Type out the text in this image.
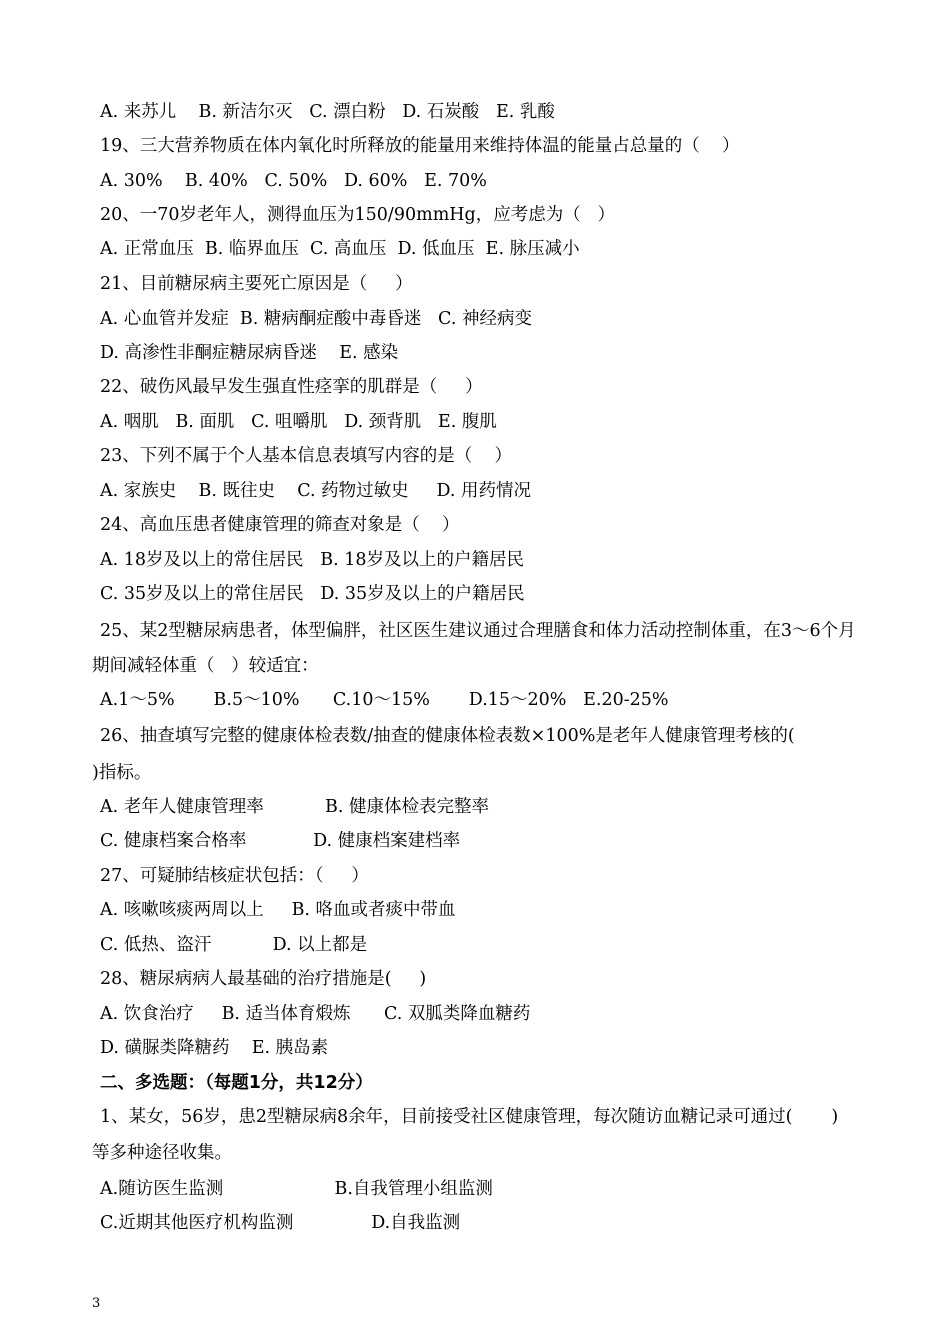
A. 来苏儿    B. 新洁尔灭   C. 漂白粉   D. 石炭酸   E. 乳酸
19、三大营养物质在体内氧化时所释放的能量用来维持体温的能量占总量的（    ）
A. 30%    B. 40%   C. 50%   D. 60%   E. 70%
20、一70岁老年人，测得血压为150/90mmHg，应考虑为（   ）
A. 正常血压  B. 临界血压  C. 高血压  D. 低血压  E. 脉压减小
21、目前糖尿病主要死亡原因是（     ）
A. 心血管并发症  B. 糖病酮症酸中毒昏迷   C. 神经病变
D. 高渗性非酮症糖尿病昏迷    E. 感染
22、破伤风最早发生强直性痉挛的肌群是（     ）
A. 咽肌   B. 面肌   C. 咀嚼肌   D. 颈背肌   E. 腹肌
23、下列不属于个人基本信息表填写内容的是（    ）
A. 家族史    B. 既往史    C. 药物过敏史     D. 用药情况
24、高血压患者健康管理的筛查对象是（    ）
A. 18岁及以上的常住居民   B. 18岁及以上的户籍居民
C. 35岁及以上的常住居民   D. 35岁及以上的户籍居民
25、某2型糖尿病患者，体型偏胖，社区医生建议通过合理膳食和体力活动控制体重，在3～6个月
期间减轻体重（   ）较适宜：
A.1～5%       B.5～10%      C.10～15%       D.15～20%   E.20-25%
26、抽查填写完整的健康体检表数/抽查的健康体检表数×100%是老年人健康管理考核的(
)指标。
A. 老年人健康管理率           B. 健康体检表完整率
C. 健康档案合格率            D. 健康档案建档率
27、可疑肺结核症状包括：（     ）
A. 咳嗽咳痰两周以上     B. 咯血或者痰中带血
C. 低热、盗汗           D. 以上都是
28、糖尿病病人最基础的治疗措施是(     )
A. 饮食治疗     B. 适当体育煅炼      C. 双胍类降血糖药
D. 磺脲类降糖药    E. 胰岛素
二、多选题：（每题1分，共12分）
1、某女，56岁，患2型糖尿病8余年，目前接受社区健康管理，每次随访血糖记录可通过(       )
等多种途径收集。
A.随访医生监测                    B.自我管理小组监测
C.近期其他医疗机构监测              D.自我监测
3
